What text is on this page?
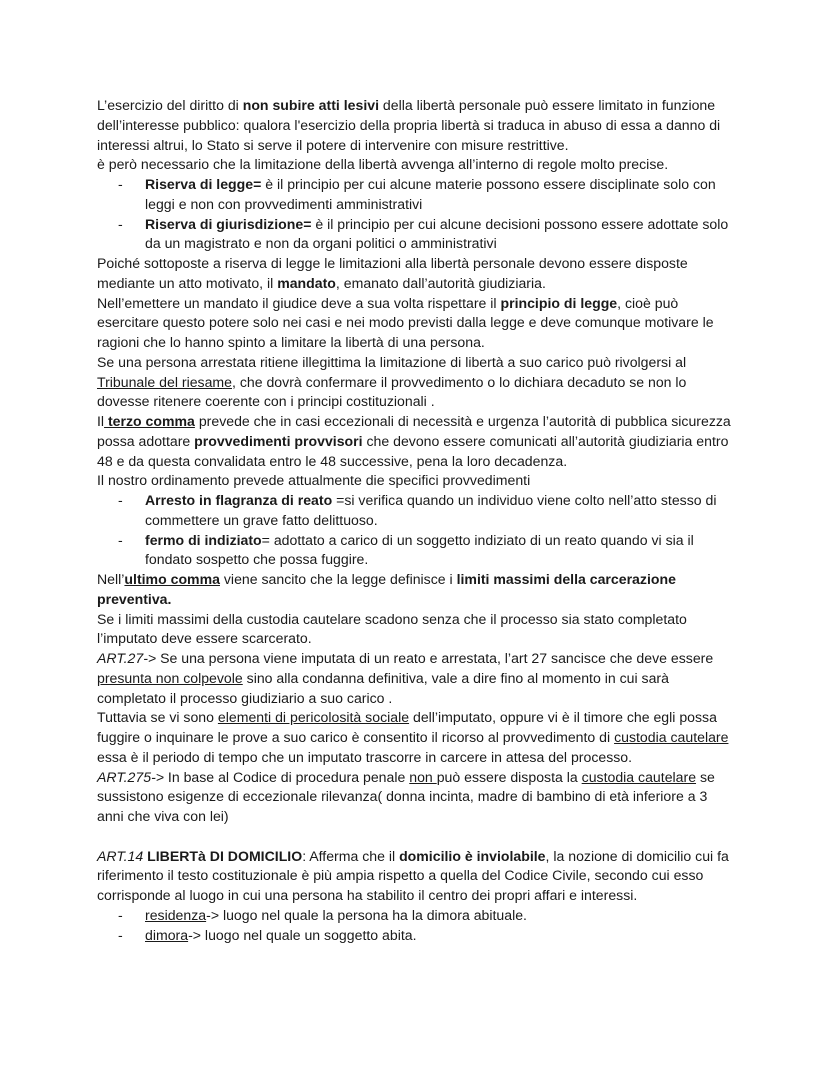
L’esercizio del diritto di non subire atti lesivi della libertà personale può essere limitato in funzione dell’interesse pubblico: qualora l'esercizio della propria libertà si traduca in abuso di essa a danno di interessi altrui, lo Stato si serve il potere di intervenire con misure restrittive.
è però necessario che la limitazione della libertà avvenga all’interno di regole molto precise.

- Riserva di legge= è il principio per cui alcune materie possono essere disciplinate solo con leggi e non con provvedimenti amministrativi
- Riserva di giurisdizione= è il principio per cui alcune decisioni possono essere adottate solo da un magistrato e non da organi politici o amministrativi

Poiché sottoposte a riserva di legge le limitazioni alla libertà personale devono essere disposte mediante un atto motivato, il mandato, emanato dall’autorità giudiziaria.

Nell’emettere un mandato il giudice deve a sua volta rispettare il principio di legge, cioè può esercitare questo potere solo nei casi e nei modo previsti dalla legge e deve comunque motivare le ragioni che lo hanno spinto a limitare la libertà di una persona.

Se una persona arrestata ritiene illegittima la limitazione di libertà a suo carico può rivolgersi al Tribunale del riesame, che dovrà confermare il provvedimento o lo dichiara decaduto se non lo dovesse ritenere coerente con i principi costituzionali .

Il terzo comma prevede che in casi eccezionali di necessità e urgenza l’autorità di pubblica sicurezza possa adottare provvedimenti provvisori che devono essere comunicati all’autorità giudiziaria entro 48 e da questa convalidata entro le 48 successive, pena la loro decadenza.

Il nostro ordinamento prevede attualmente die specifici provvedimenti

- Arresto in flagranza di reato =si verifica quando un individuo viene colto nell’atto stesso di commettere un grave fatto delittuoso.
- fermo di indiziato= adottato a carico di un soggetto indiziato di un reato quando vi sia il fondato sospetto che possa fuggire.

Nell’ultimo comma viene sancito che la legge definisce i limiti massimi della carcerazione preventiva.

Se i limiti massimi della custodia cautelare scadono senza che il processo sia stato completato l’imputato deve essere scarcerato.

ART.27-> Se una persona viene imputata di un reato e arrestata, l’art 27 sancisce che deve essere presunta non colpevole sino alla condanna definitiva, vale a dire fino al momento in cui sarà completato il processo giudiziario a suo carico .

Tuttavia se vi sono elementi di pericolosità sociale dell’imputato, oppure vi è il timore che egli possa fuggire o inquinare le prove a suo carico è consentito il ricorso al provvedimento di custodia cautelare essa è il periodo di tempo che un imputato trascorre in carcere in attesa del processo.

ART.275-> In base al Codice di procedura penale non può essere disposta la custodia cautelare se sussistono esigenze di eccezionale rilevanza( donna incinta, madre di bambino di età inferiore a 3 anni che viva con lei)

ART.14 LIBERTà DI DOMICILIO: Afferma che il domicilio è inviolabile, la nozione di domicilio cui fa riferimento il testo costituzionale è più ampia rispetto a quella del Codice Civile, secondo cui esso corrisponde al luogo in cui una persona ha stabilito il centro dei propri affari e interessi.

- residenza-> luogo nel quale la persona ha la dimora abituale.
- dimora-> luogo nel quale un soggetto abita.
